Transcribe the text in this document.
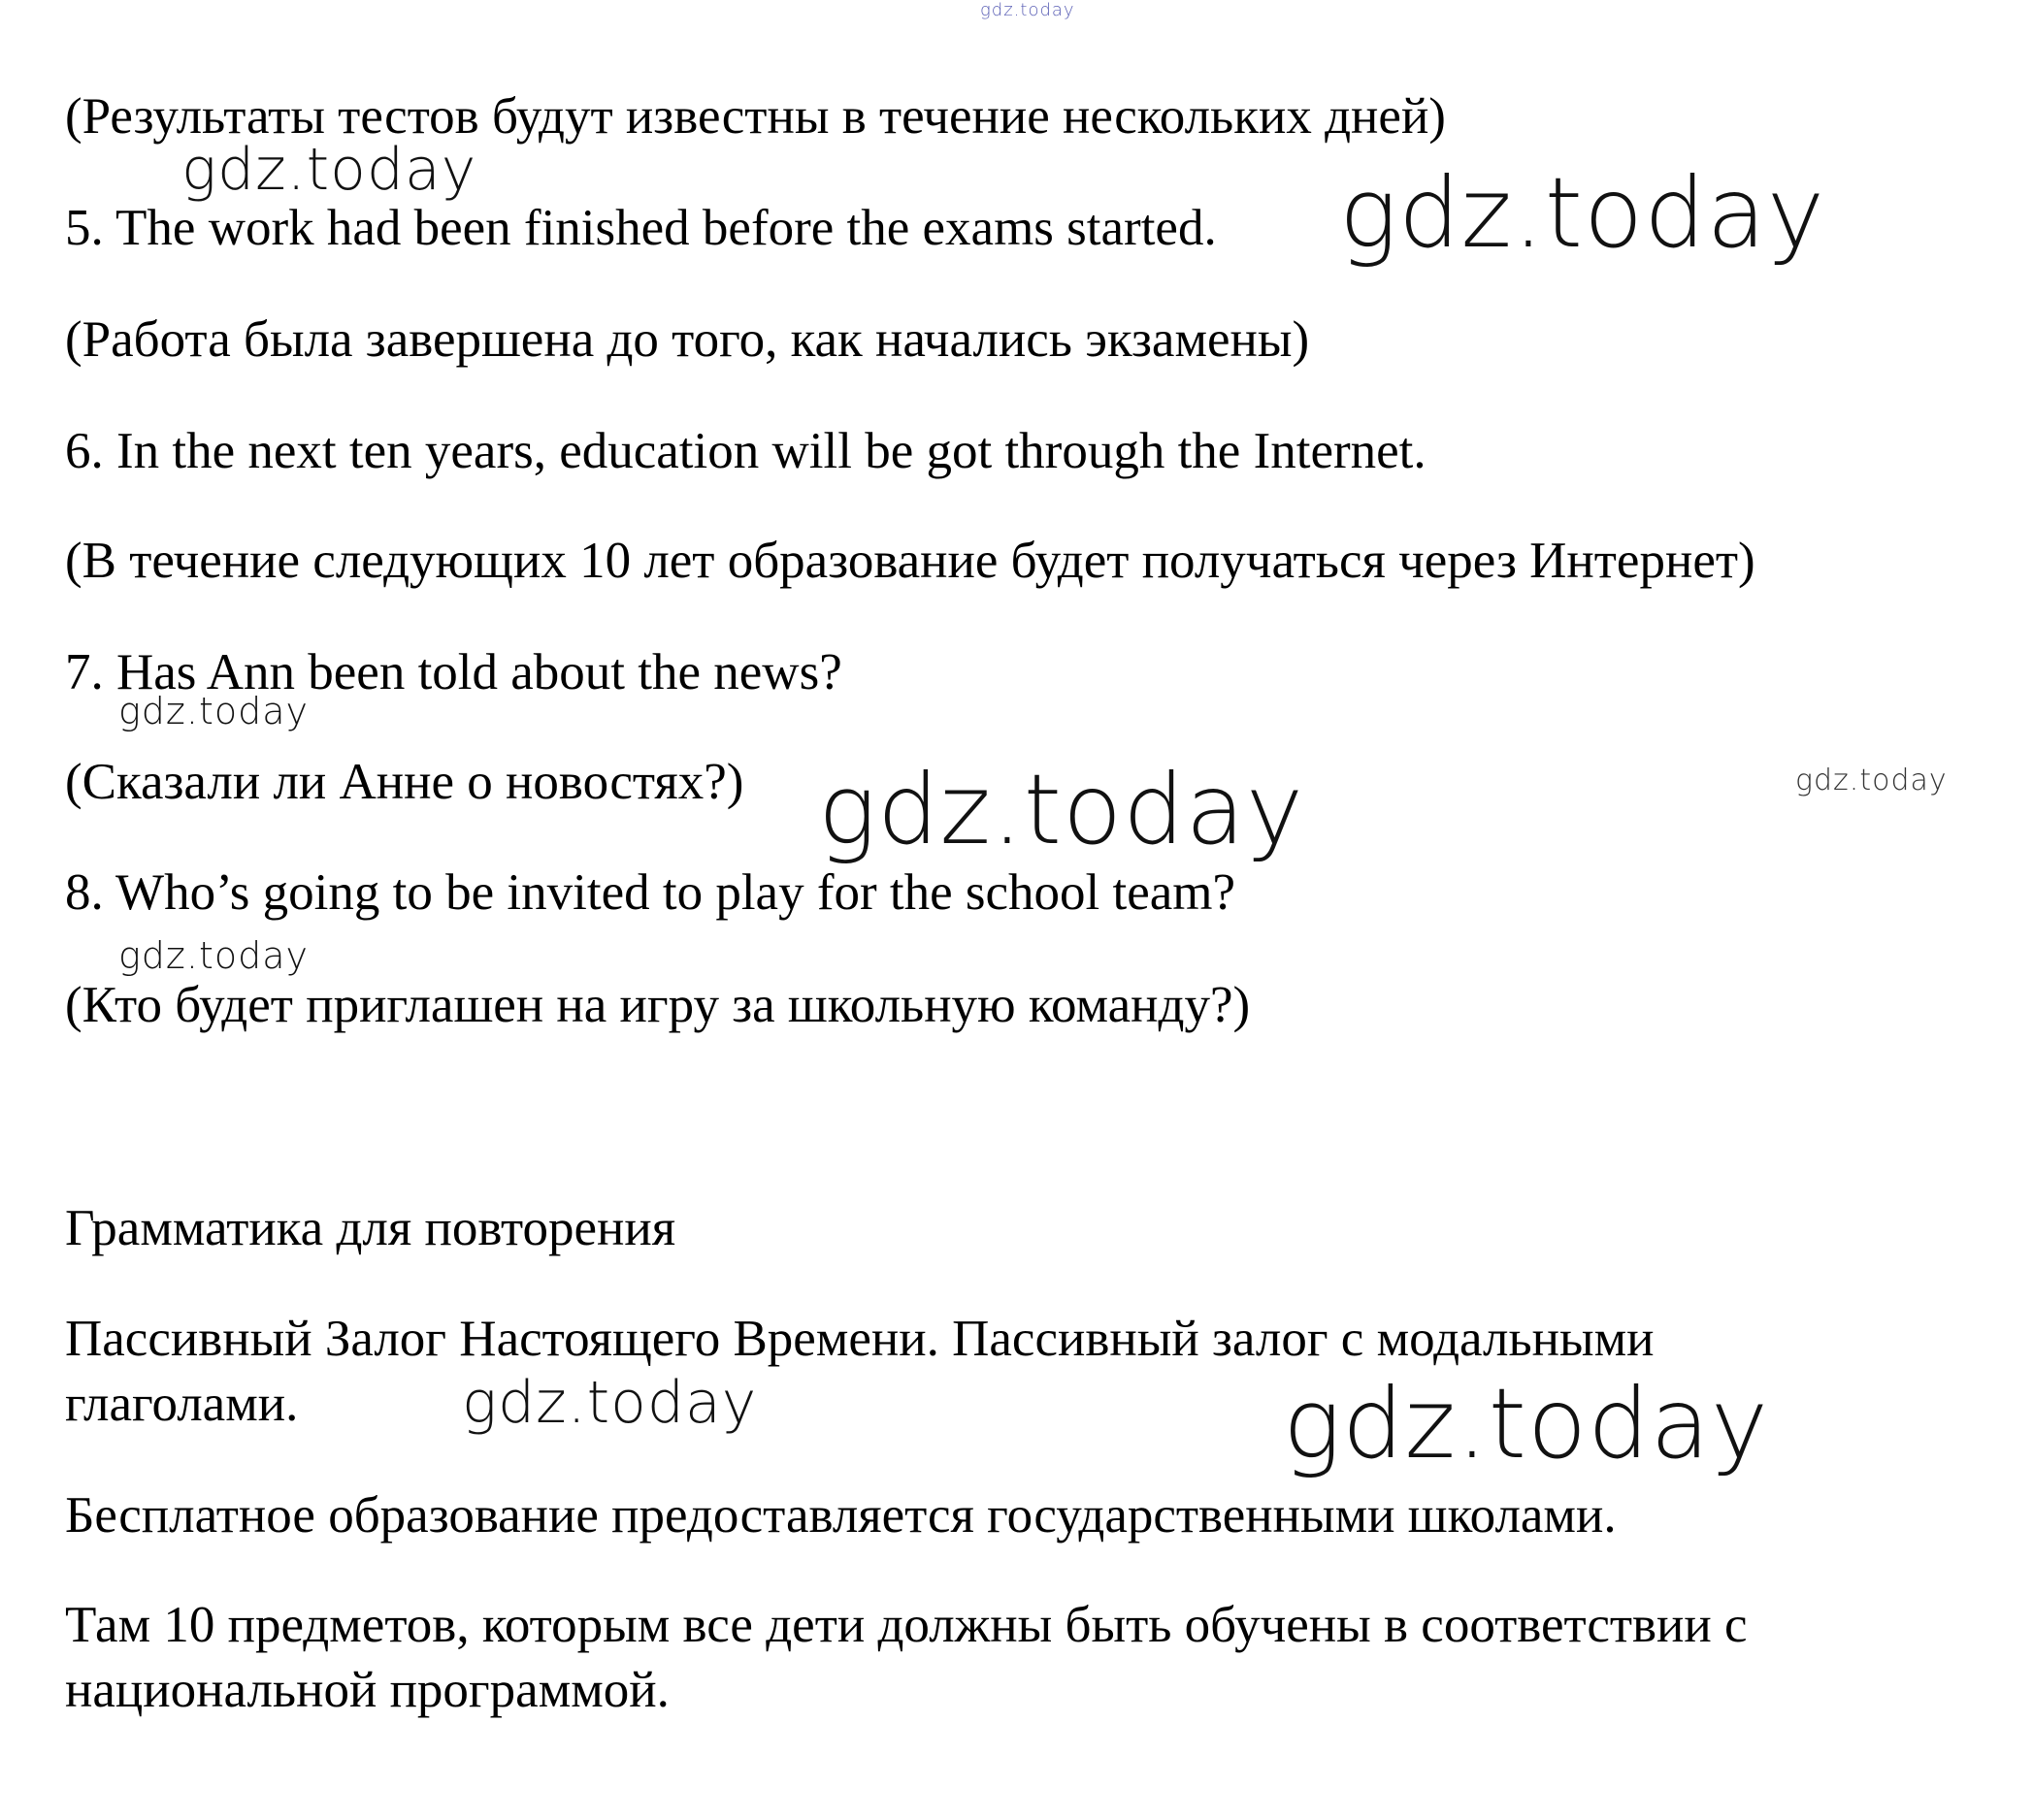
gdz.today
gdz.today	gdz.today
gdz.today
gdz.today	gdz.today
gdz.today
gdz.today	gdz.today

(Результаты тестов будут известны в течение нескольких дней)

5. The work had been finished before the exams started.

(Работа была завершена до того, как начались экзамены)

6. In the next ten years, education will be got through the Internet.

(В течение следующих 10 лет образование будет получаться через Интернет)

7. Has Ann been told about the news?

(Сказали ли Анне о новостях?)

8. Who’s going to be invited to play for the school team?

(Кто будет приглашен на игру за школьную команду?)

Грамматика для повторения

Пассивный Залог Настоящего Времени. Пассивный залог с модальными

глаголами.

Бесплатное образование предоставляется государственными школами.

Там 10 предметов, которым все дети должны быть обучены в соответствии с

национальной программой.
